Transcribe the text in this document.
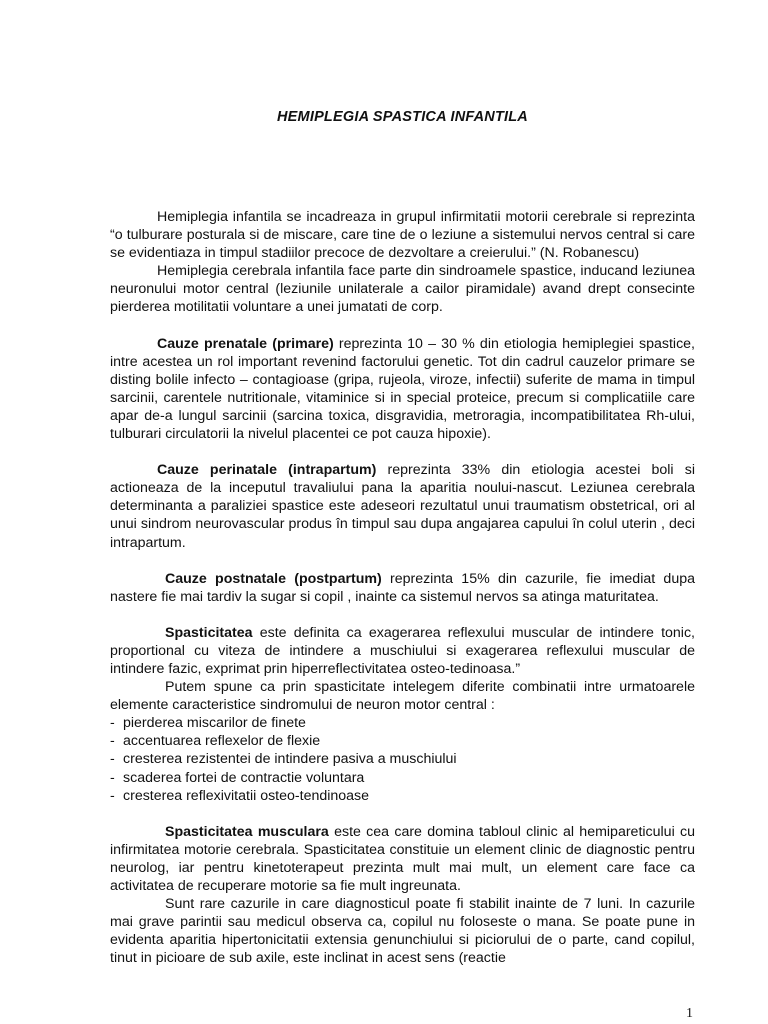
HEMIPLEGIA SPASTICA INFANTILA

Hemiplegia infantila se incadreaza in grupul infirmitatii motorii cerebrale si reprezinta “o tulburare posturala si de miscare, care tine de o leziune a sistemului nervos central si care se evidentiaza in timpul stadiilor precoce de dezvoltare a creierului.” (N. Robanescu)

Hemiplegia cerebrala infantila face parte din sindroamele spastice, inducand leziunea neuronului motor central (leziunile unilaterale a cailor piramidale) avand drept consecinte pierderea motilitatii voluntare a unei jumatati de corp.

Cauze prenatale (primare) reprezinta 10 – 30 % din etiologia hemiplegiei spastice, intre acestea un rol important revenind factorului genetic. Tot din cadrul cauzelor primare se disting bolile infecto – contagioase (gripa, rujeola, viroze, infectii) suferite de mama in timpul sarcinii, carentele nutritionale, vitaminice si in special proteice, precum si complicatiile care apar de-a lungul sarcinii (sarcina toxica, disgravidia, metroragia, incompatibilitatea Rh-ului, tulburari circulatorii la nivelul placentei ce pot cauza hipoxie).

Cauze perinatale (intrapartum) reprezinta 33% din etiologia acestei boli si actioneaza de la inceputul travaliului pana la aparitia noului-nascut. Leziunea cerebrala determinanta a paraliziei spastice este adeseori rezultatul unui traumatism obstetrical, ori al unui sindrom neurovascular produs în timpul sau dupa angajarea capului în colul uterin , deci intrapartum.

Cauze postnatale (postpartum) reprezinta 15% din cazurile, fie imediat dupa nastere fie mai tardiv la sugar si copil , inainte ca sistemul nervos sa atinga maturitatea.

Spasticitatea este definita ca exagerarea reflexului muscular de intindere tonic, proportional cu viteza de intindere a muschiului si exagerarea reflexului muscular de intindere fazic, exprimat prin hiperreflectivitatea osteo-tedinoasa.”

Putem spune ca prin spasticitate intelegem diferite combinatii intre urmatoarele elemente caracteristice sindromului de neuron motor central :

- pierderea miscarilor de finete
- accentuarea reflexelor de flexie
- cresterea rezistentei de intindere pasiva a muschiului
- scaderea fortei de contractie voluntara
- cresterea reflexivitatii osteo-tendinoase

Spasticitatea musculara este cea care domina tabloul clinic al hemipareticului cu infirmitatea motorie cerebrala. Spasticitatea constituie un element clinic de diagnostic pentru neurolog, iar pentru kinetoterapeut prezinta mult mai mult, un element care face ca activitatea de recuperare motorie sa fie mult ingreunata.

Sunt rare cazurile in care diagnosticul poate fi stabilit inainte de 7 luni. In cazurile mai grave parintii sau medicul observa ca, copilul nu foloseste o mana. Se poate pune in evidenta aparitia hipertonicitatii extensia genunchiului si piciorului de o parte, cand copilul, tinut in picioare de sub axile, este inclinat in acest sens (reactie

1
